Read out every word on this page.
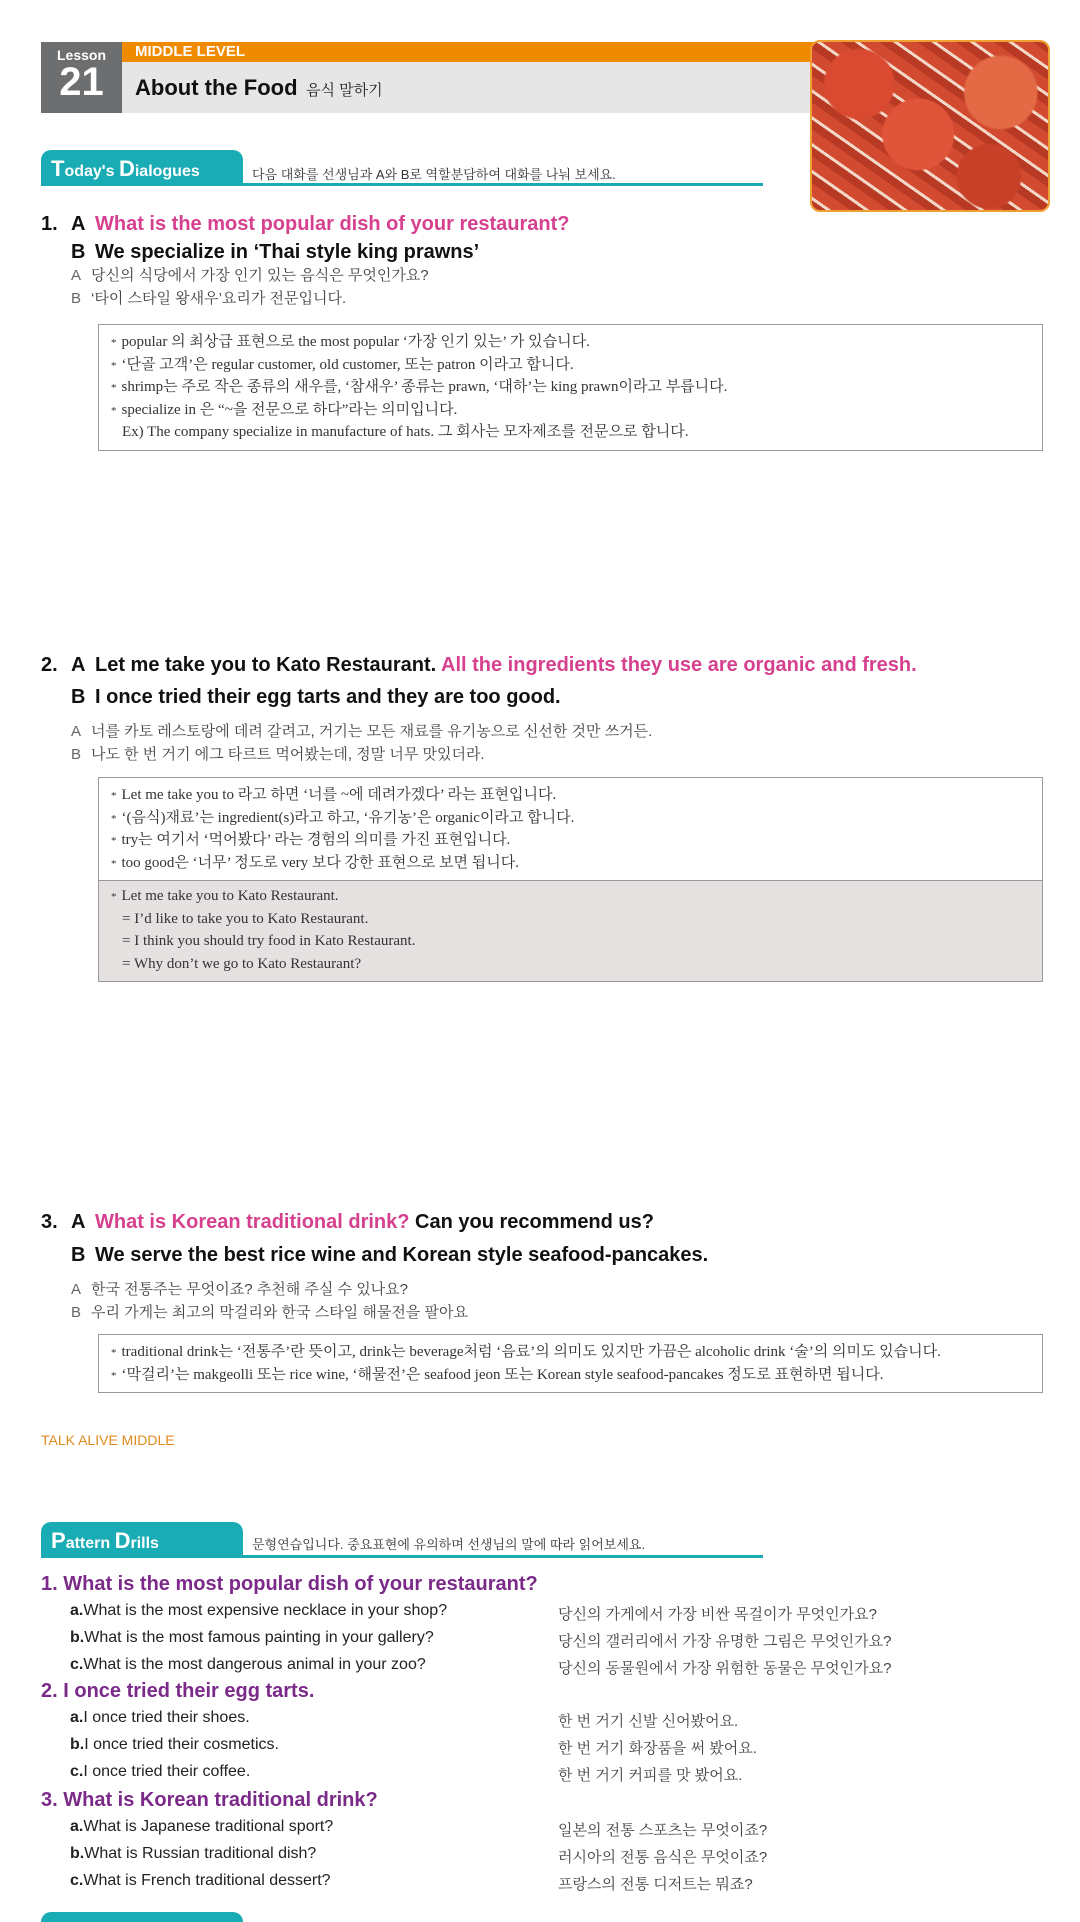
Lesson
21
MIDDLE LEVEL
About the Food 음식 말하기
Today's Dialogues	다음 대화를 선생님과 A와 B로 역할분담하여 대화를 나눠 보세요.
TALK ALIVE MIDDLE
Pattern Drills	문형연습입니다. 중요표현에 유의하며 선생님의 말에 따라 읽어보세요.
1. A What is the most popular dish of your restaurant?
B We specialize in ‘Thai style king prawns’
A 당신의 식당에서 가장 인기 있는 음식은 무엇인가요?
B ‘타이 스타일 왕새우’요리가 전문입니다.
* popular 의 최상급 표현으로 the most popular ‘가장 인기 있는’ 가 있습니다.
* ‘단골 고객’은 regular customer, old customer, 또는 patron 이라고 합니다.
* shrimp는 주로 작은 종류의 새우를, ‘참새우’ 종류는 prawn, ‘대하’는 king prawn이라고 부릅니다.
* specialize in 은 “~을 전문으로 하다”라는 의미입니다.
Ex) The company specialize in manufacture of hats. 그 회사는 모자제조를 전문으로 합니다.
2. A Let me take you to Kato Restaurant. All the ingredients they use are organic and fresh.
B I once tried their egg tarts and they are too good.
A 너를 카토 레스토랑에 데려 갈려고, 거기는 모든 재료를 유기농으로 신선한 것만 쓰거든.
B 나도 한 번 거기 에그 타르트 먹어봤는데, 정말 너무 맛있더라.
* Let me take you to 라고 하면 ‘너를 ~에 데려가겠다’ 라는 표현입니다.
* ‘(음식)재료’는 ingredient(s)라고 하고, ‘유기농’은 organic이라고 합니다.
* try는 여기서 ‘먹어봤다’ 라는 경험의 의미를 가진 표현입니다.
* too good은 ‘너무’ 정도로 very 보다 강한 표현으로 보면 됩니다.
* Let me take you to Kato Restaurant.
= I’d like to take you to Kato Restaurant.
= I think you should try food in Kato Restaurant.
= Why don’t we go to Kato Restaurant?
3. A What is Korean traditional drink? Can you recommend us?
B We serve the best rice wine and Korean style seafood-pancakes.
A 한국 전통주는 무엇이죠? 추천해 주실 수 있나요?
B 우리 가게는 최고의 막걸리와 한국 스타일 해물전을 팔아요
* traditional drink는 ‘전통주’란 뜻이고, drink는 beverage처럼 ‘음료’의 의미도 있지만 가끔은 alcoholic drink ‘술’의 의미도 있습니다.
* ‘막걸리’는 makgeolli 또는 rice wine, ‘해물전’은 seafood jeon 또는 Korean style seafood-pancakes 정도로 표현하면 됩니다.
1. What is the most popular dish of your restaurant?
a.What is the most expensive necklace in your shop?	당신의 가게에서 가장 비싼 목걸이가 무엇인가요?
b.What is the most famous painting in your gallery?	당신의 갤러리에서 가장 유명한 그림은 무엇인가요?
c.What is the most dangerous animal in your zoo?	당신의 동물원에서 가장 위험한 동물은 무엇인가요?
2. I once tried their egg tarts.
a.I once tried their shoes.	한 번 거기 신발 신어봤어요.
b.I once tried their cosmetics.	한 번 거기 화장품을 써 봤어요.
c.I once tried their coffee.	한 번 거기 커피를 맛 봤어요.
3. What is Korean traditional drink?
a.What is Japanese traditional sport?	일본의 전통 스포츠는 무엇이죠?
b.What is Russian traditional dish?	러시아의 전통 음식은 무엇이죠?
c.What is French traditional dessert?	프랑스의 전통 디저트는 뭐죠?
